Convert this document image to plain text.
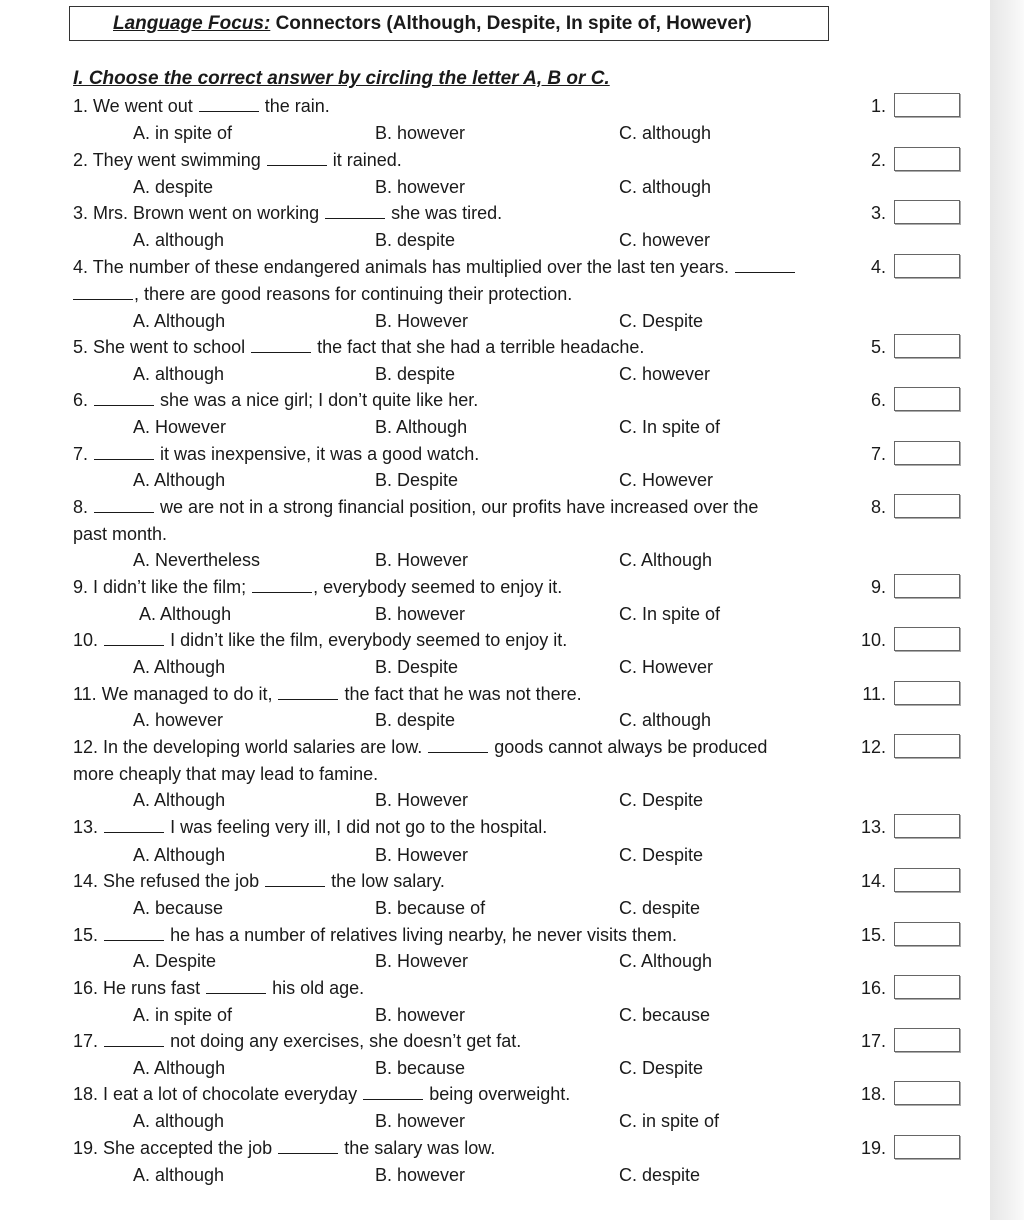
Language Focus: Connectors (Although, Despite, In spite of, However)
I. Choose the correct answer by circling the letter A, B or C.
1. We went out	the rain.
A. in spite of	B. however	C. although
1.
2. They went swimming	it rained.
A. despite	B. however	C. although
2.
3. Mrs. Brown went on working	she was tired.
A. although	B. despite	C. however
3.
4. The number of these endangered animals has multiplied over the last ten years.
, there are good reasons for continuing their protection.
A. Although	B. However	C. Despite
4.
5. She went to school	the fact that she had a terrible headache.
A. although	B. despite	C. however
5.
6.	she was a nice girl; I don’t quite like her.
A. However	B. Although	C. In spite of
6.
7.	it was inexpensive, it was a good watch.
A. Although	B. Despite	C. However
7.
8.	we are not in a strong financial position, our profits have increased over the
past month.
A. Nevertheless	B. However	C. Although
8.
9. I didn’t like the film;	, everybody seemed to enjoy it.
A. Although	B. however	C. In spite of
9.
10.	I didn’t like the film, everybody seemed to enjoy it.
A. Although	B. Despite	C. However
10.
11. We managed to do it,	the fact that he was not there.
A. however	B. despite	C. although
11.
12. In the developing world salaries are low.	goods cannot always be produced
more cheaply that may lead to famine.
A. Although	B. However	C. Despite
12.
13.	I was feeling very ill, I did not go to the hospital.
A. Although	B. However	C. Despite
13.
14. She refused the job	the low salary.
A. because	B. because of	C. despite
14.
15.	he has a number of relatives living nearby, he never visits them.
A. Despite	B. However	C. Although
15.
16. He runs fast	his old age.
A. in spite of	B. however	C. because
16.
17.	not doing any exercises, she doesn’t get fat.
A. Although	B. because	C. Despite
17.
18. I eat a lot of chocolate everyday	being overweight.
A. although	B. however	C. in spite of
18.
19. She accepted the job	the salary was low.
A. although	B. however	C. despite
19.
